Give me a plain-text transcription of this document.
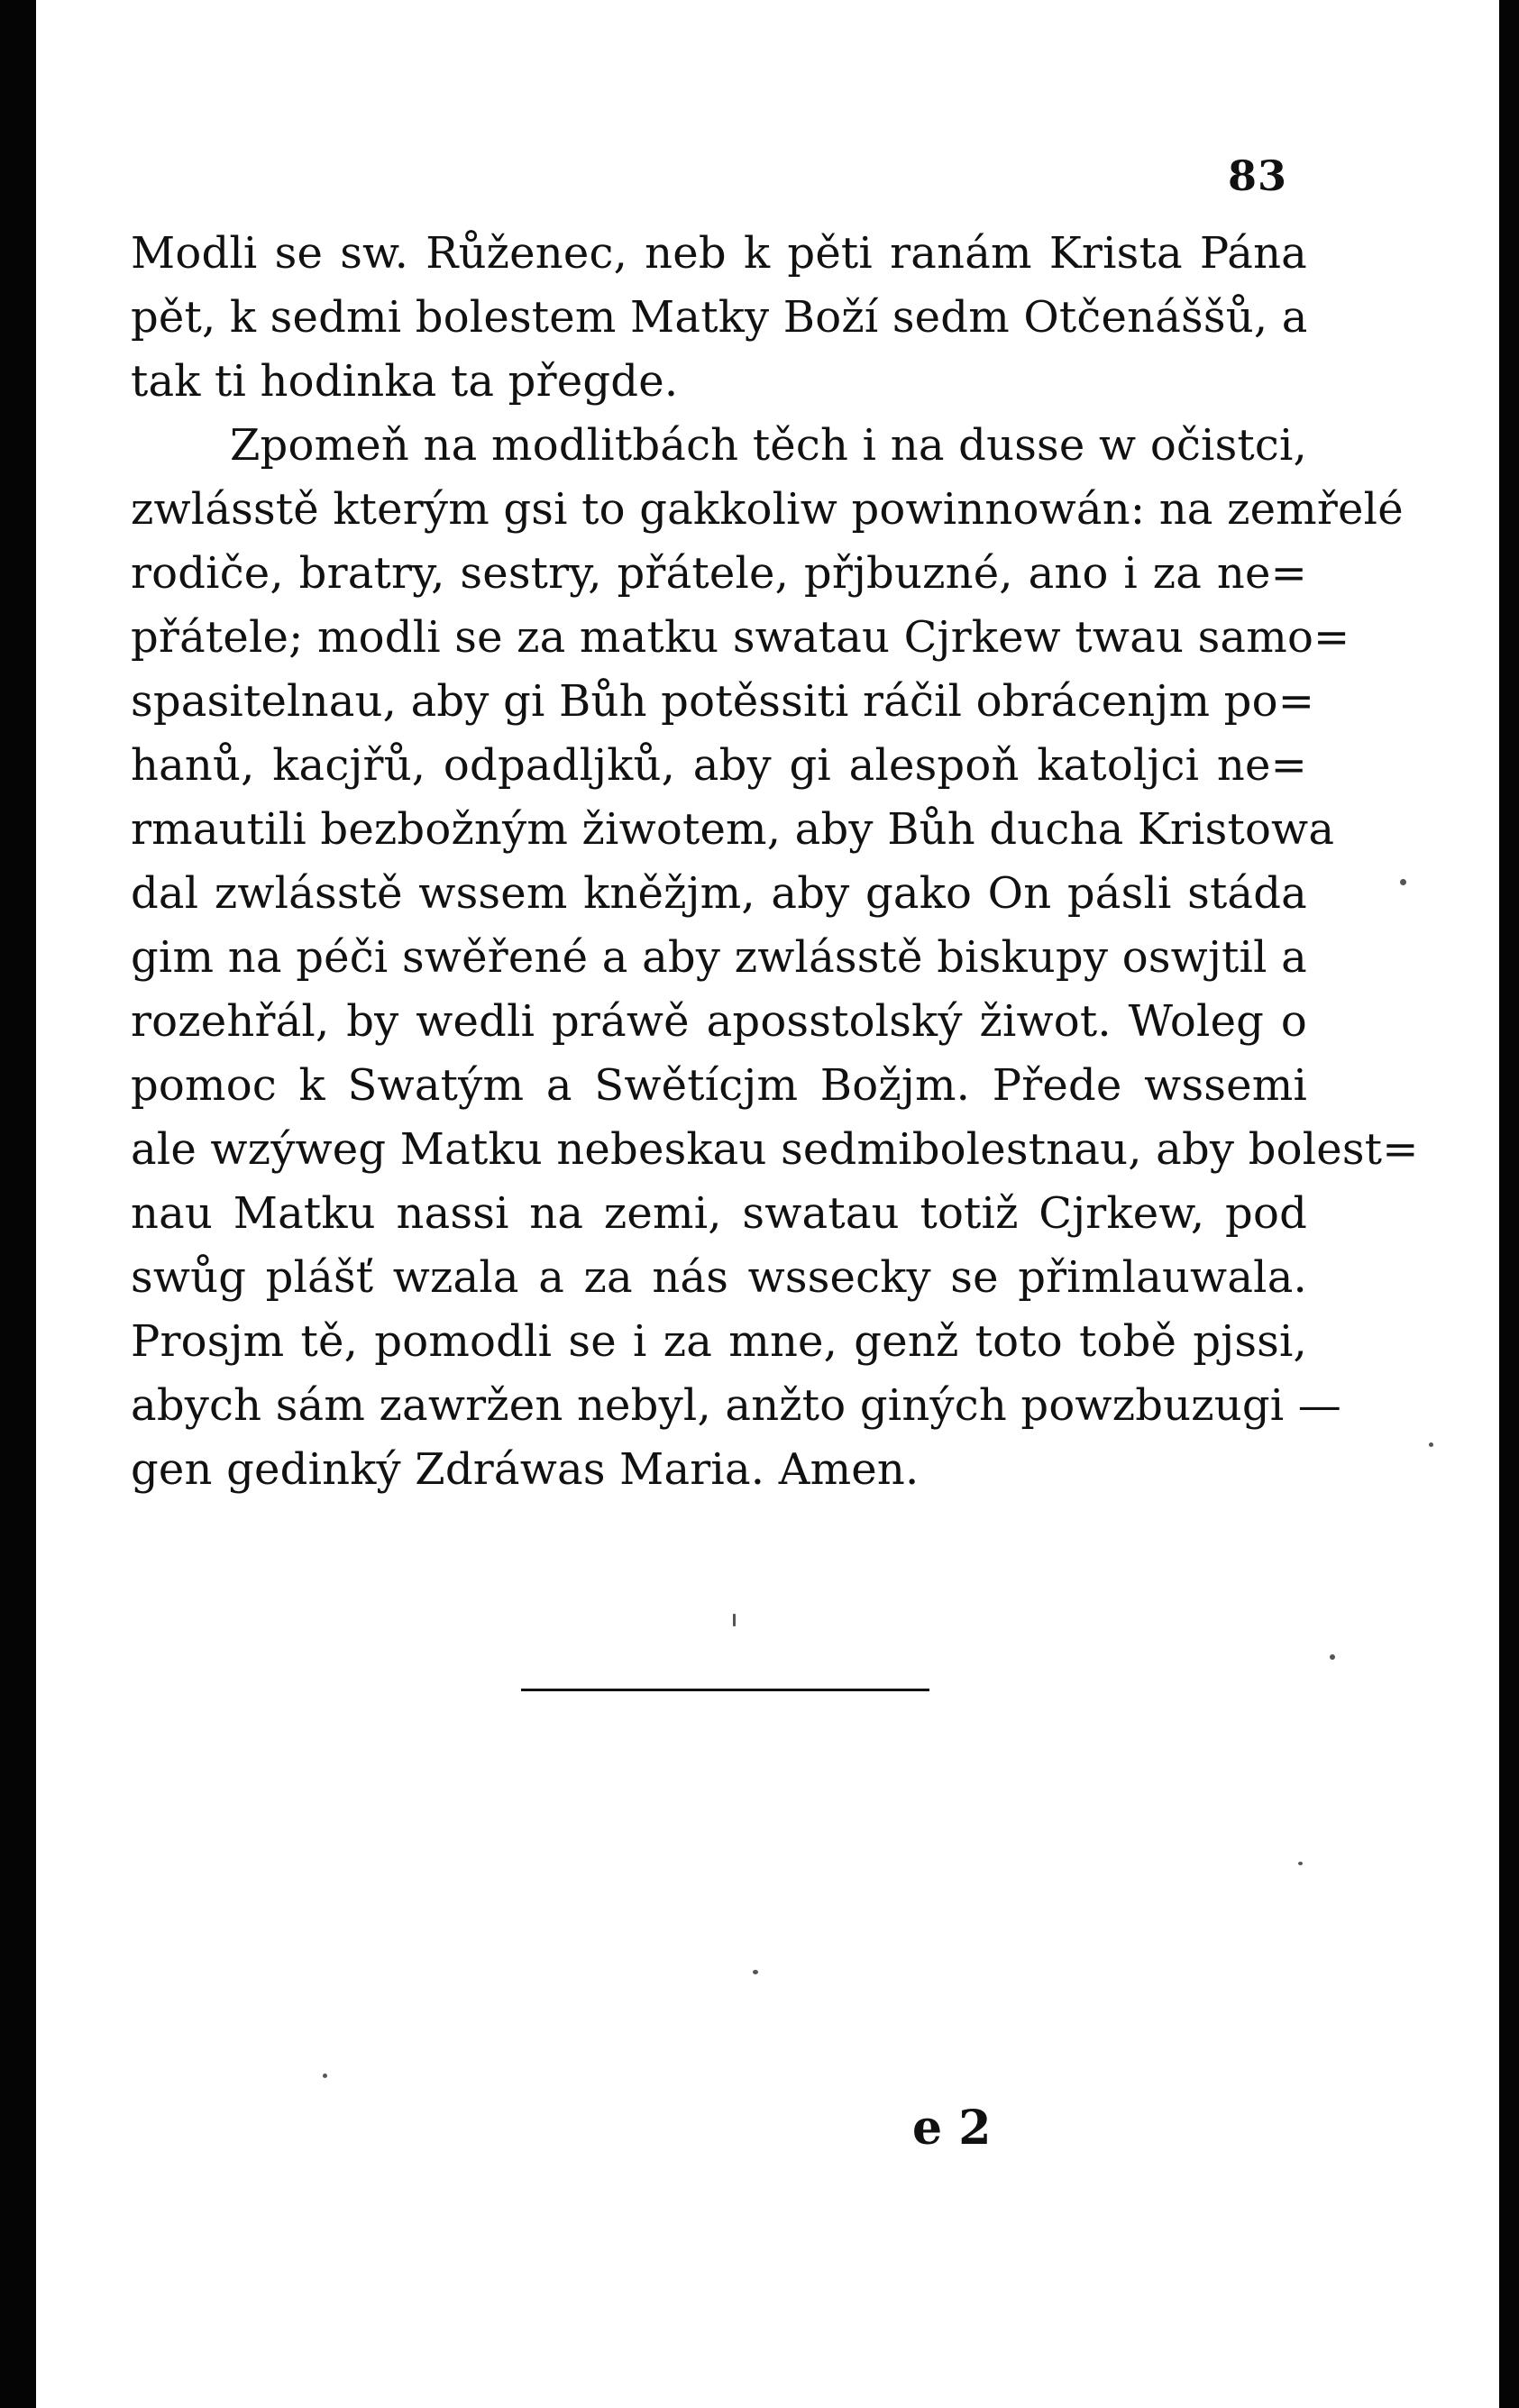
83
Modli se sw. Růženec, neb k pěti ranám Krista Pána
pět, k sedmi bolestem Matky Boží sedm Otčenáššů, a
tak ti hodinka ta přegde.
Zpomeň na modlitbách těch i na dusse w očistci,
zwlásstě kterým gsi to gakkoliw powinnowán: na zemřelé
rodiče, bratry, sestry, přátele, přjbuzné, ano i za ne=
přátele; modli se za matku swatau Cjrkew twau samo=
spasitelnau, aby gi Bůh potěssiti ráčil obrácenjm po=
hanů, kacjřů, odpadljků, aby gi alespoň katoljci ne=
rmautili bezbožným žiwotem, aby Bůh ducha Kristowa
dal zwlásstě wssem kněžjm, aby gako On pásli stáda
gim na péči swěřené a aby zwlásstě biskupy oswjtil a
rozehřál, by wedli práwě aposstolský žiwot. Woleg o
pomoc k Swatým a Swětícjm Božjm. Přede wssemi
ale wzýweg Matku nebeskau sedmibolestnau, aby bolest=
nau Matku nassi na zemi, swatau totiž Cjrkew, pod
swůg plášť wzala a za nás wssecky se přimlauwala.
Prosjm tě, pomodli se i za mne, genž toto tobě pjssi,
abych sám zawržen nebyl, anžto giných powzbuzugi —
gen gedinký Zdráwas Maria. Amen.
e 2
